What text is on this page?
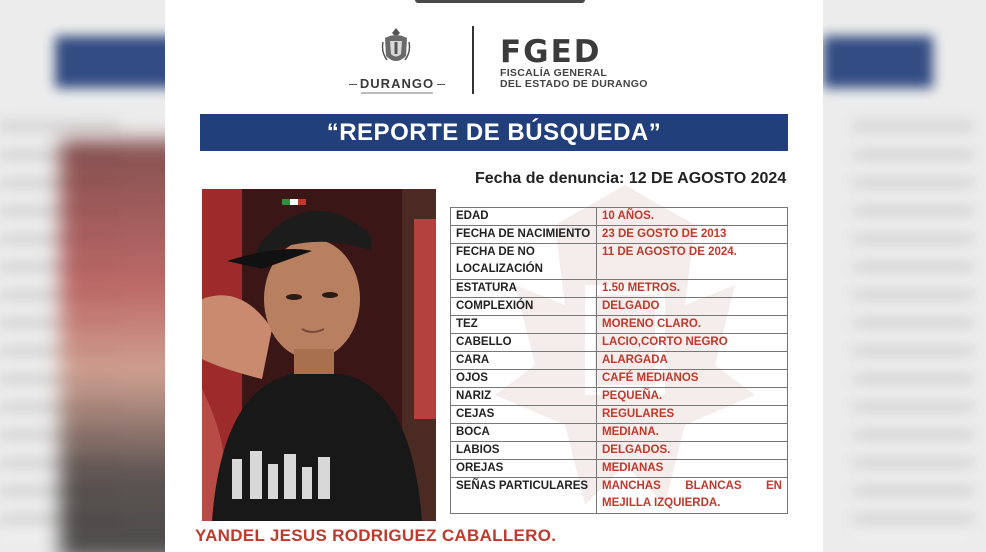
DURANGO
FGED
FISCALÍA GENERAL
DEL ESTADO DE DURANGO
“REPORTE DE BÚSQUEDA”
Fecha de denuncia: 12 DE AGOSTO 2024
EDAD	10 AÑOS.
FECHA DE NACIMIENTO	23 DE GOSTO DE 2013
FECHA DE NO LOCALIZACIÓN	11 DE AGOSTO DE 2024.
ESTATURA	1.50 METROS.
COMPLEXIÓN	DELGADO
TEZ	MORENO CLARO.
CABELLO	LACIO,CORTO NEGRO
CARA	ALARGADA
OJOS	CAFÉ MEDIANOS
NARIZ	PEQUEÑA.
CEJAS	REGULARES
BOCA	MEDIANA.
LABIOS	DELGADOS.
OREJAS	MEDIANAS
SEÑAS PARTICULARES	MANCHAS BLANCAS EN MEJILLA IZQUIERDA.
YANDEL JESUS RODRIGUEZ CABALLERO.
